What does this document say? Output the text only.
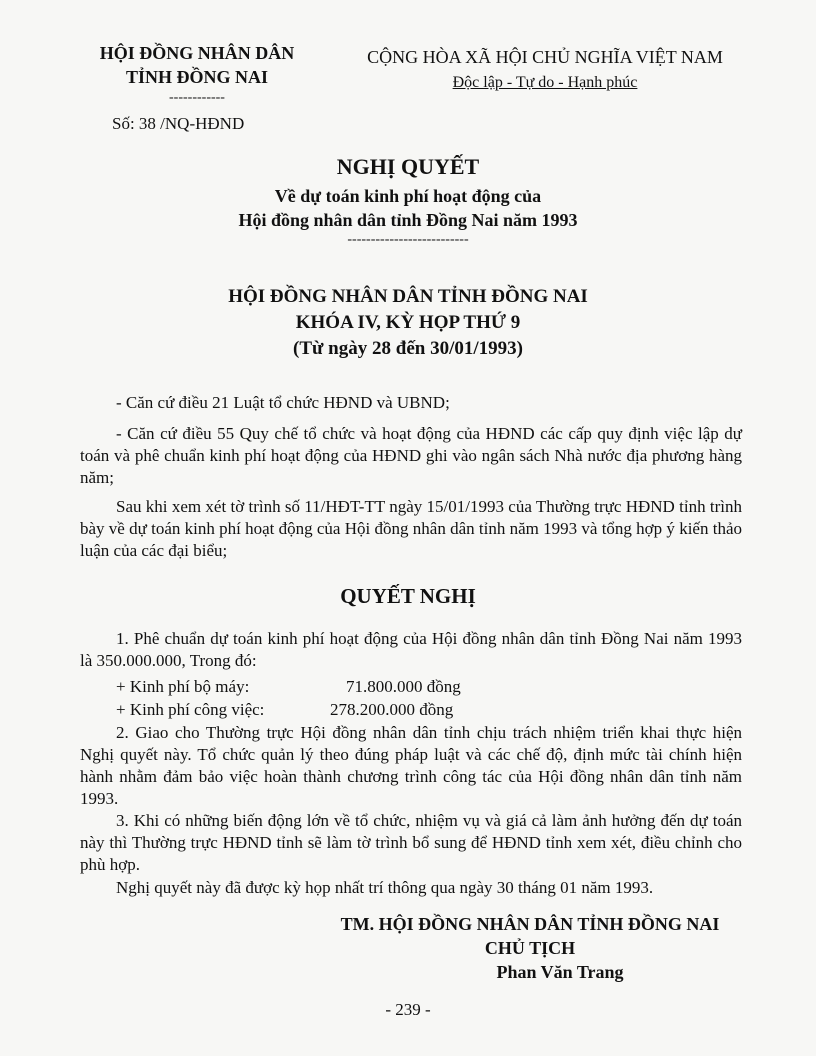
HỘI ĐỒNG NHÂN DÂN
TỈNH ĐỒNG NAI
------------
Số: 38 /NQ-HĐND
CỘNG HÒA XÃ HỘI CHỦ NGHĨA VIỆT NAM
Độc lập - Tự do - Hạnh phúc
NGHỊ QUYẾT
Về dự toán kinh phí hoạt động của
Hội đồng nhân dân tỉnh Đồng Nai năm 1993
--------------------------
HỘI ĐỒNG NHÂN DÂN TỈNH ĐỒNG NAI
KHÓA IV, KỲ HỌP THỨ 9
(Từ ngày 28 đến 30/01/1993)
- Căn cứ điều 21 Luật tổ chức HĐND và UBND;
- Căn cứ điều 55 Quy chế tổ chức và hoạt động của HĐND các cấp quy định việc lập dự toán và phê chuẩn kinh phí hoạt động của HĐND ghi vào ngân sách Nhà nước địa phương hàng năm;
Sau khi xem xét tờ trình số 11/HĐT-TT ngày 15/01/1993 của Thường trực HĐND tỉnh trình bày về dự toán kinh phí hoạt động của Hội đồng nhân dân tỉnh năm 1993 và tổng hợp ý kiến thảo luận của các đại biểu;
QUYẾT NGHỊ
1. Phê chuẩn dự toán kinh phí hoạt động của Hội đồng nhân dân tỉnh Đồng Nai năm 1993 là 350.000.000, Trong đó:
+ Kinh phí bộ máy:	71.800.000 đồng
+ Kinh phí công việc:	278.200.000 đồng
2. Giao cho Thường trực Hội đồng nhân dân tỉnh chịu trách nhiệm triển khai thực hiện Nghị quyết này. Tổ chức quản lý theo đúng pháp luật và các chế độ, định mức tài chính hiện hành nhằm đảm bảo việc hoàn thành chương trình công tác của Hội đồng nhân dân tỉnh năm 1993.
3. Khi có những biến động lớn về tổ chức, nhiệm vụ và giá cả làm ảnh hưởng đến dự toán này thì Thường trực HĐND tỉnh sẽ làm tờ trình bổ sung để HĐND tỉnh xem xét, điều chỉnh cho phù hợp.
Nghị quyết này đã được kỳ họp nhất trí thông qua ngày 30 tháng 01 năm 1993.
TM. HỘI ĐỒNG NHÂN DÂN TỈNH ĐỒNG NAI
CHỦ TỊCH
Phan Văn Trang
- 239 -
